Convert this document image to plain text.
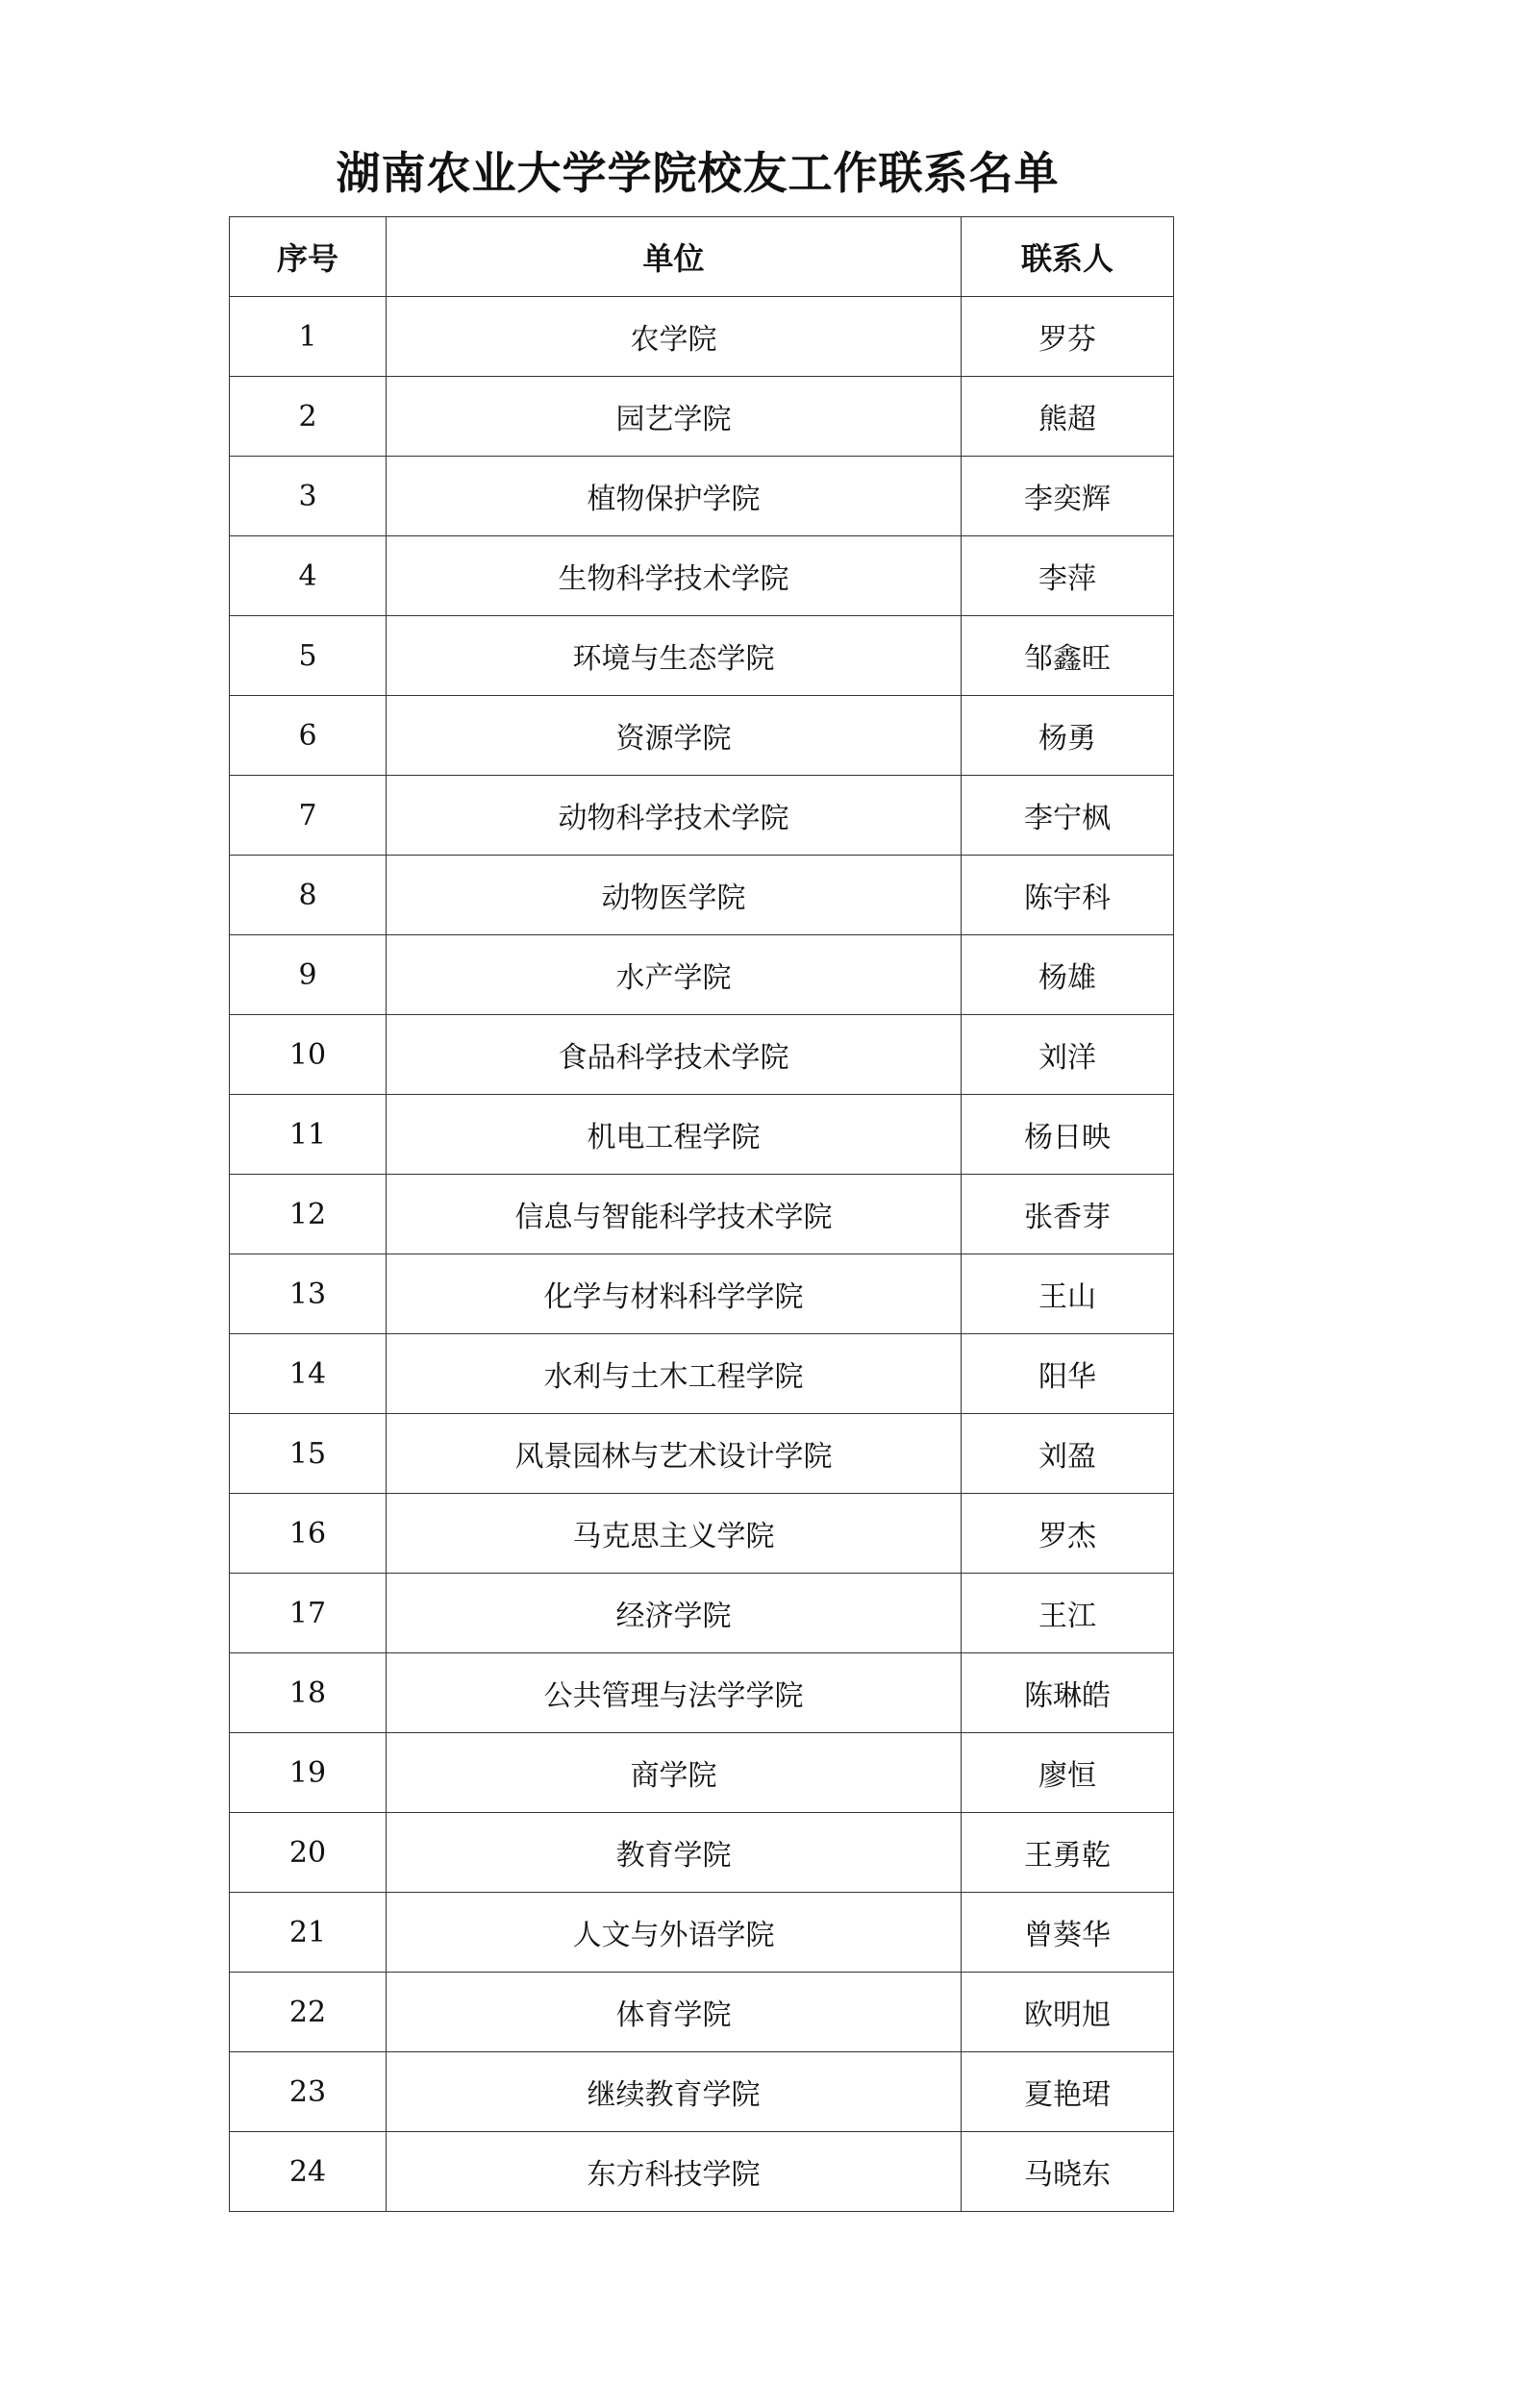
湖南农业大学学院校友工作联系名单
序号	单位	联系人
1	农学院	罗芬
2	园艺学院	熊超
3	植物保护学院	李奕辉
4	生物科学技术学院	李萍
5	环境与生态学院	邹鑫旺
6	资源学院	杨勇
7	动物科学技术学院	李宁枫
8	动物医学院	陈宇科
9	水产学院	杨雄
10	食品科学技术学院	刘洋
11	机电工程学院	杨日映
12	信息与智能科学技术学院	张香芽
13	化学与材料科学学院	王山
14	水利与土木工程学院	阳华
15	风景园林与艺术设计学院	刘盈
16	马克思主义学院	罗杰
17	经济学院	王江
18	公共管理与法学学院	陈琳皓
19	商学院	廖恒
20	教育学院	王勇乾
21	人文与外语学院	曾葵华
22	体育学院	欧明旭
23	继续教育学院	夏艳珺
24	东方科技学院	马晓东
